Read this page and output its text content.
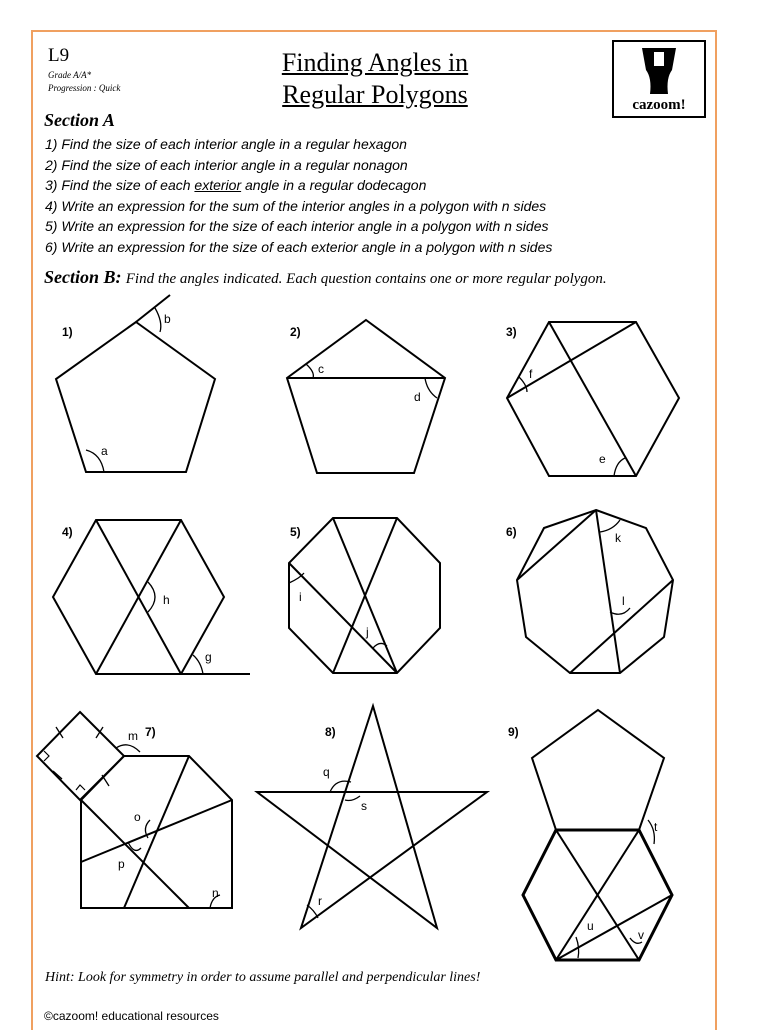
L9
Grade A/A*
Progression : Quick
Finding Angles in
Regular Polygons	cazoom!
Section A
1) Find the size of each interior angle in a regular hexagon
2) Find the size of each interior angle in a regular nonagon
3) Find the size of each exterior angle in a regular dodecagon
4) Write an expression for the sum of the interior angles in a polygon with n sides
5) Write an expression for the size of each interior angle in a polygon with n sides
6) Write an expression for the size of each exterior angle in a polygon with n sides
Section B: Find the angles indicated. Each question contains one or more regular polygon.
1)	2)	3)
4)	5)	6)
7)	8)	9)
a
b
c
d
e
f
g
h	i
j
k
l
m
n
o
p
q
r
s
t
u
v
Hint: Look for symmetry in order to assume parallel and perpendicular lines!
©cazoom! educational resources
